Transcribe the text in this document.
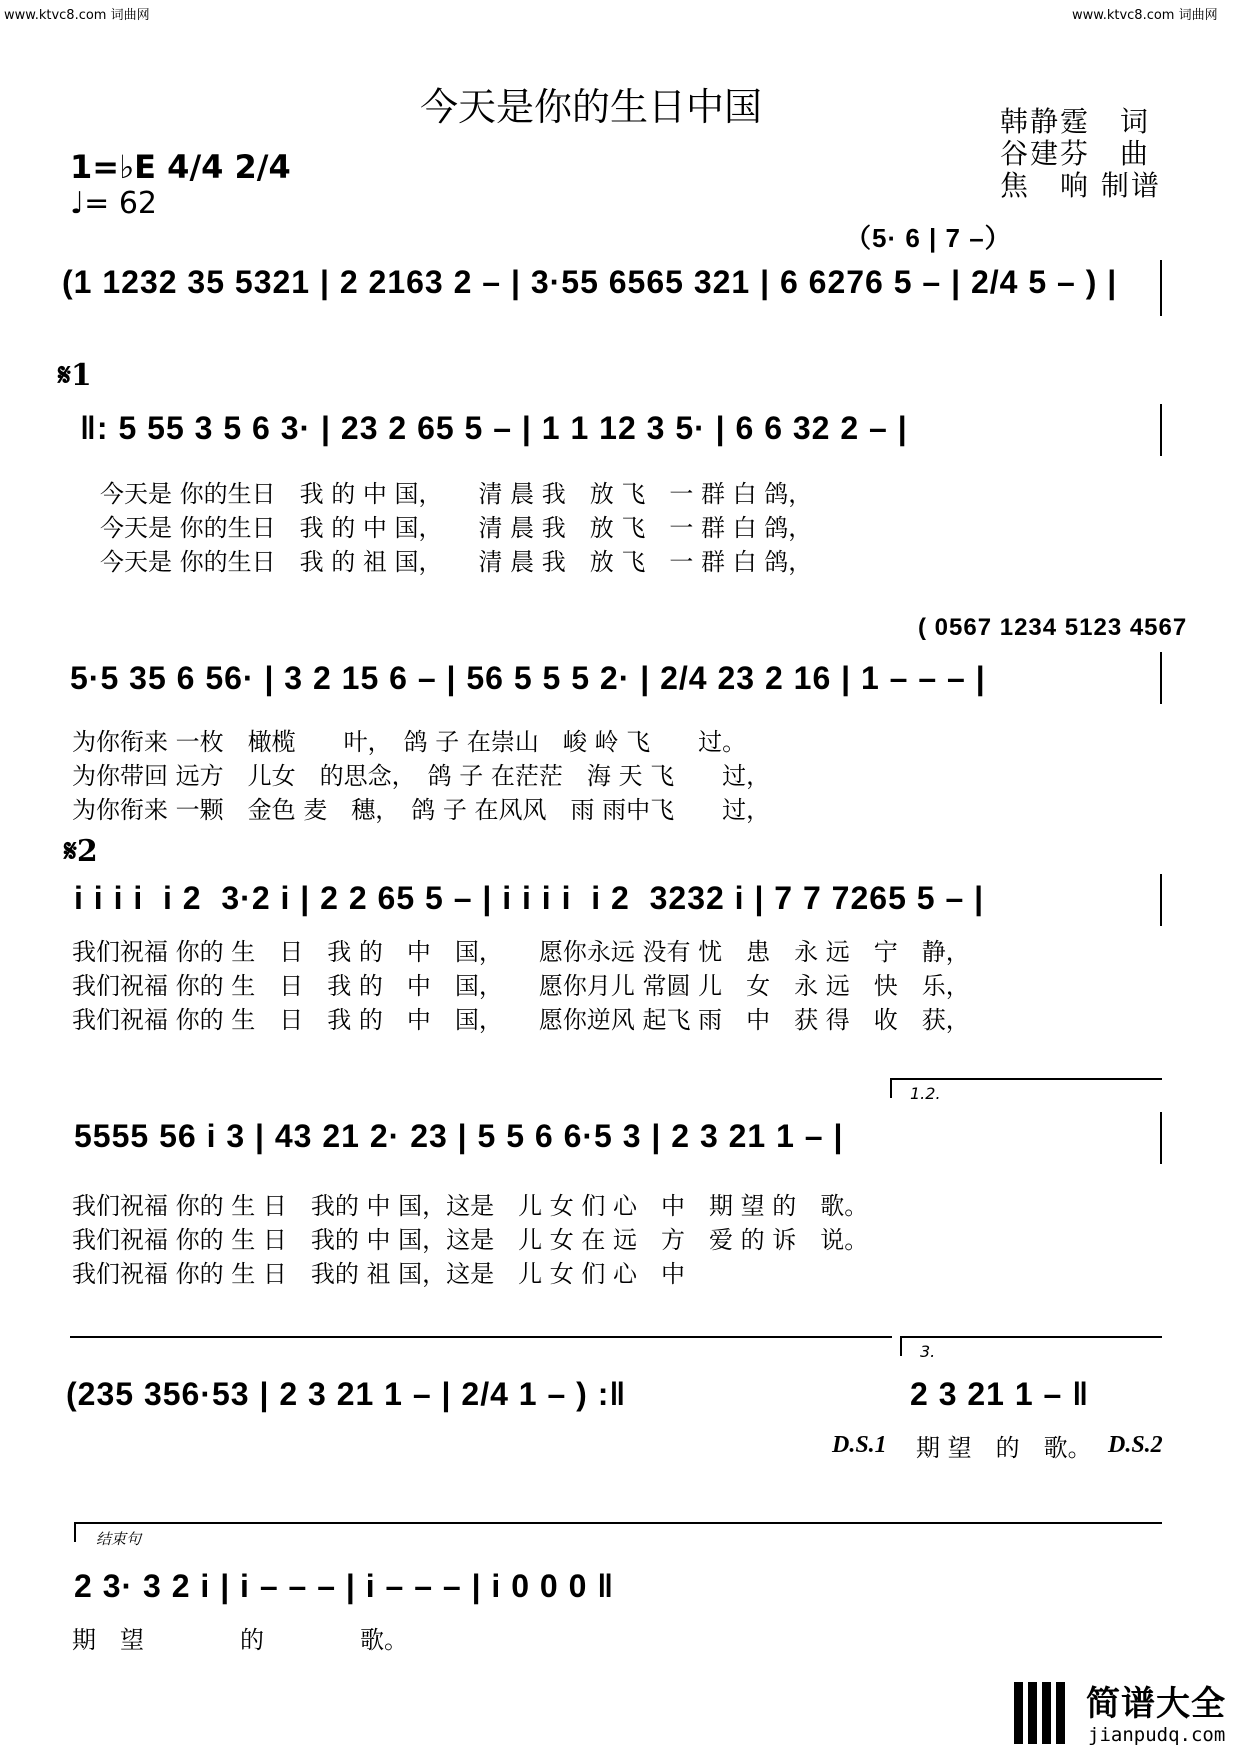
www.ktvc8.com 词曲网	www.ktvc8.com 词曲网
今天是你的生日中国	韩静霆　词
谷建芬　曲
焦　响 制谱
1=♭E 4/4 2/4
♩= 62
（5· 6 | 7 –）
(1 1232 35 5321 | 2 2163 2 – | 3·55 6565 321 | 6 6276 5 – | 2/4 5 – ) |
𝄋1
‖: 5 55 3 5 6 3· | 23 2 65 5 – | 1 1 12 3 5· | 6 6 32 2 – |
今天是 你的生日　我 的 中 国，　　清 晨 我　放 飞　一 群 白 鸽，
今天是 你的生日　我 的 中 国，　　清 晨 我　放 飞　一 群 白 鸽，
今天是 你的生日　我 的 祖 国，　　清 晨 我　放 飞　一 群 白 鸽，
( 0567 1234 5123 4567
5·5 35 6 56· | 3 2 15 6 – | 56 5 5 5 2· | 2/4 23 2 16 | 1 – – – |
为你衔来 一枚　橄榄　　叶，　鸽 子 在崇山　峻 岭 飞　　过。
为你带回 远方　儿女　的思念，　鸽 子 在茫茫　海 天 飞　　过，
为你衔来 一颗　金色 麦　穗，　鸽 子 在风风　雨 雨中飞　　过，
𝄋2
i i i i  i 2  3·2 i | 2 2 65 5 – | i i i i  i 2  3232 i | 7 7 7265 5 – |
我们祝福 你的 生　日　我 的　中　国，　　愿你永远 没有 忧　患　永 远　宁　静，
我们祝福 你的 生　日　我 的　中　国，　　愿你月儿 常圆 儿　女　永 远　快　乐，
我们祝福 你的 生　日　我 的　中　国，　　愿你逆风 起飞 雨　中　获 得　收　获，
1.2.
5555 56 i 3 | 43 21 2· 23 | 5 5 6 6·5 3 | 2 3 21 1 – |
我们祝福 你的 生 日　我的 中 国，这是　儿 女 们 心　中　期 望 的　歌。
我们祝福 你的 生 日　我的 中 国，这是　儿 女 在 远　方　爱 的 诉　说。
我们祝福 你的 生 日　我的 祖 国，这是　儿 女 们 心　中
3.
(235 356·53 | 2 3 21 1 – | 2/4 1 – ) :‖	2 3 21 1 – ‖
D.S.1 期 望　的　歌。 D.S.2
结束句
2 3· 3 2 i | i – – – | i – – – | i 0 0 0 ‖
期　望　　　　的　　　　歌。
简谱大全
jianpudq.com
